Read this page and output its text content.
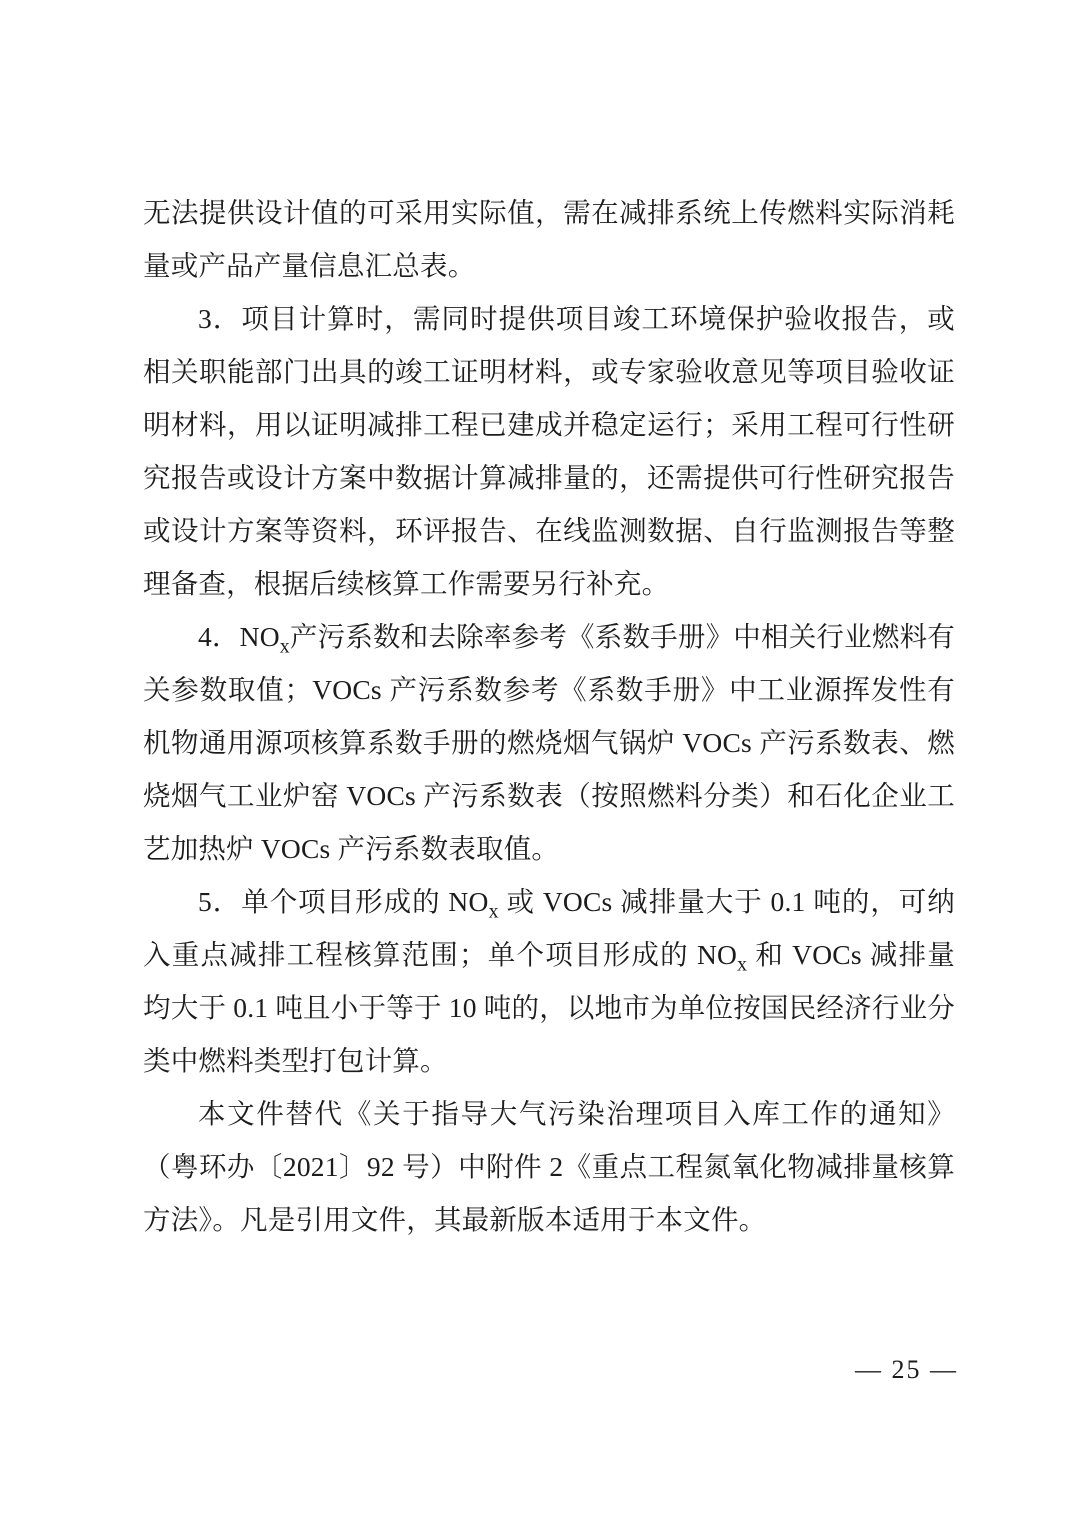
无法提供设计值的可采用实际值，需在减排系统上传燃料实际消耗量或产品产量信息汇总表。

3．项目计算时，需同时提供项目竣工环境保护验收报告，或相关职能部门出具的竣工证明材料，或专家验收意见等项目验收证明材料，用以证明减排工程已建成并稳定运行；采用工程可行性研究报告或设计方案中数据计算减排量的，还需提供可行性研究报告或设计方案等资料，环评报告、在线监测数据、自行监测报告等整理备查，根据后续核算工作需要另行补充。

4．$NO_x$产污系数和去除率参考《系数手册》中相关行业燃料有关参数取值；VOCs 产污系数参考《系数手册》中工业源挥发性有机物通用源项核算系数手册的燃烧烟气锅炉 VOCs 产污系数表、燃烧烟气工业炉窑 VOCs 产污系数表（按照燃料分类）和石化企业工艺加热炉 VOCs 产污系数表取值。

5．单个项目形成的 $NO_x$ 或 VOCs 减排量大于 0.1 吨的，可纳入重点减排工程核算范围；单个项目形成的 $NO_x$ 和 VOCs 减排量均大于 0.1 吨且小于等于 10 吨的，以地市为单位按国民经济行业分类中燃料类型打包计算。

本文件替代《关于指导大气污染治理项目入库工作的通知》（粤环办〔2021〕92 号）中附件 2《重点工程氮氧化物减排量核算方法》。凡是引用文件，其最新版本适用于本文件。

— 25 —
